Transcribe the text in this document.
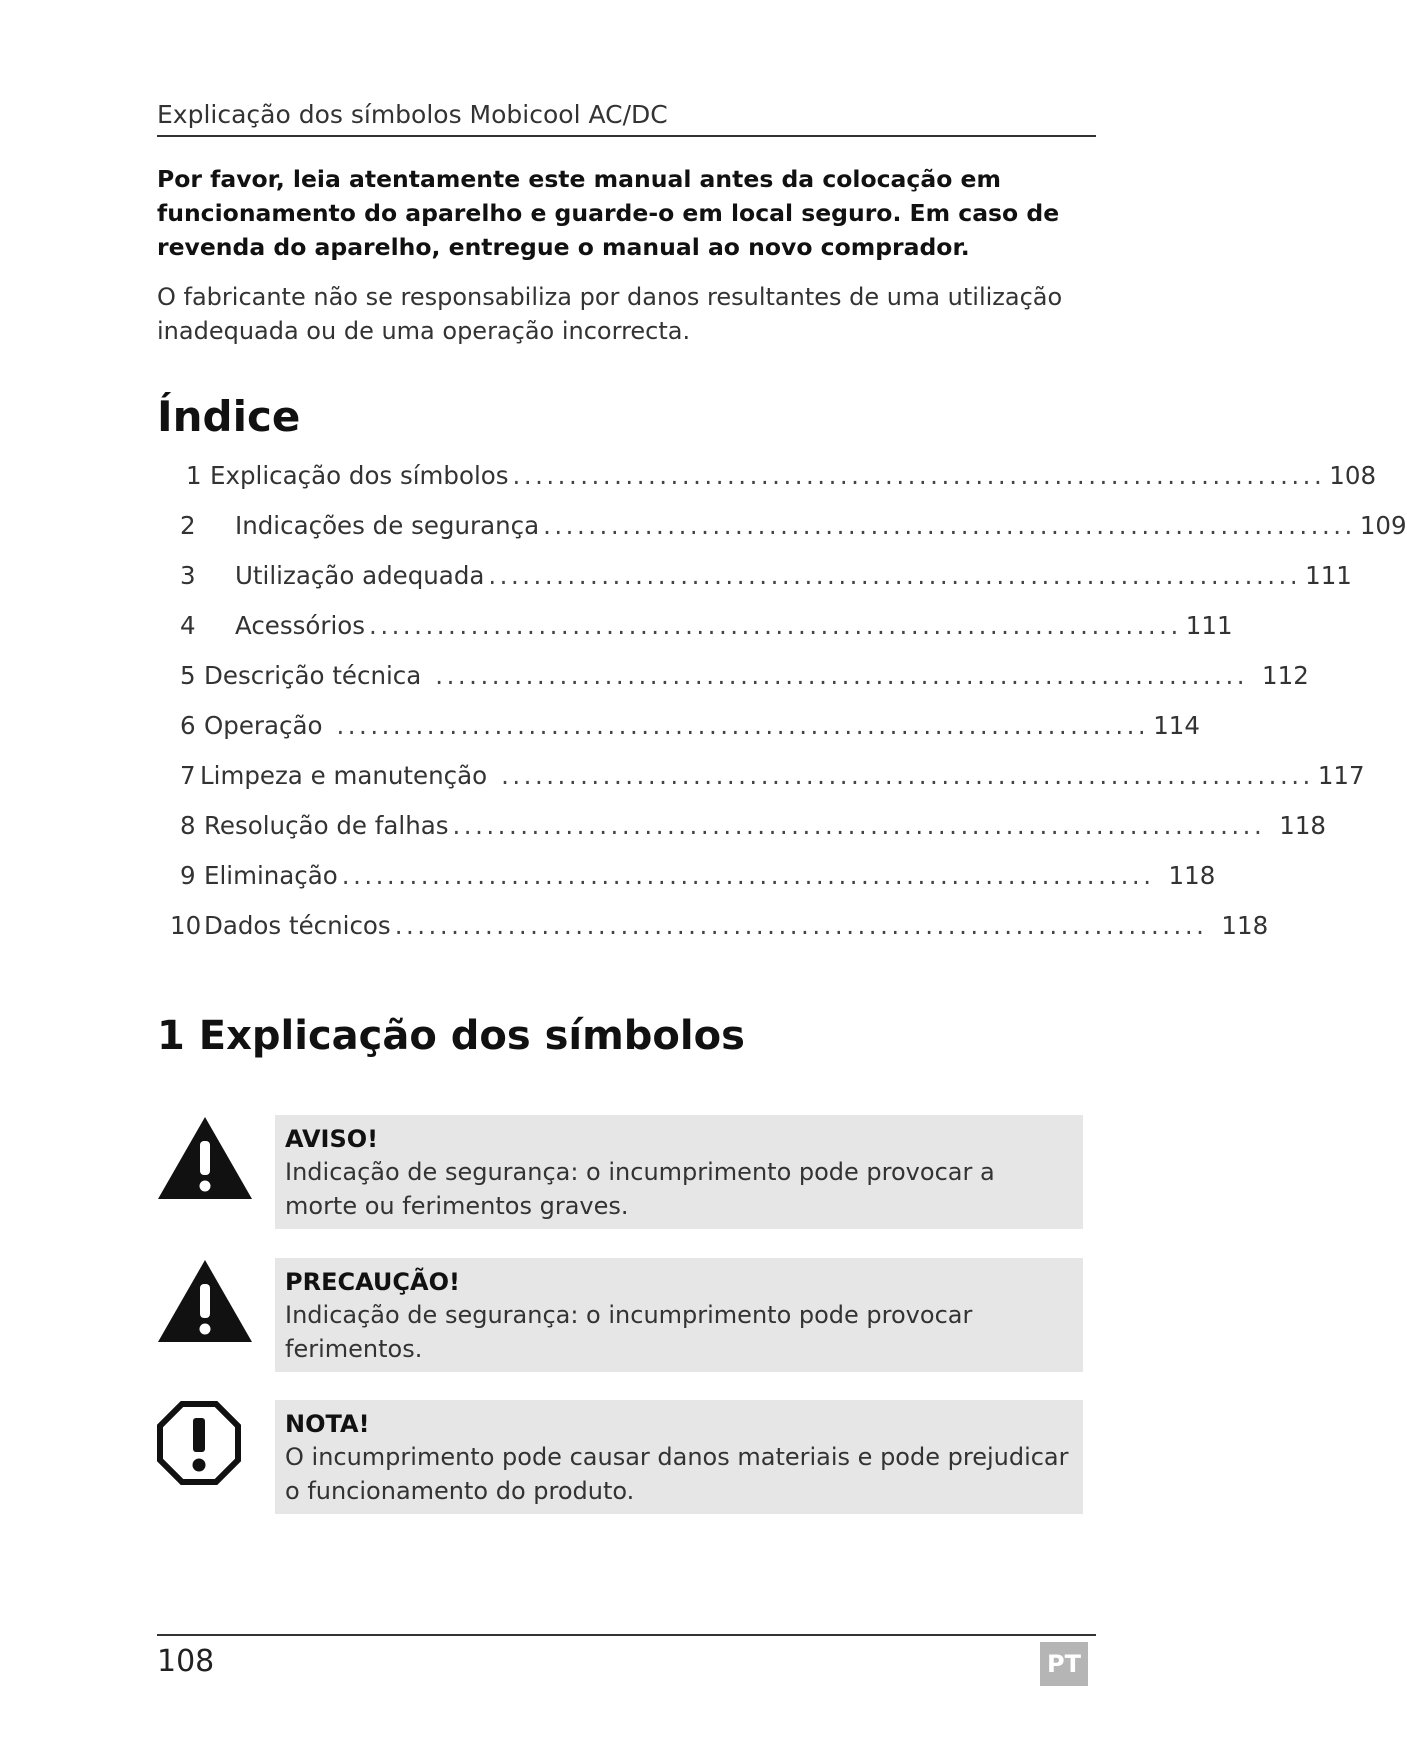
Explicação dos símbolos Mobicool AC/DC
Por favor, leia atentamente este manual antes da colocação em funcionamento do aparelho e guarde-o em local seguro. Em caso de revenda do aparelho, entregue o manual ao novo comprador.
O fabricante não se responsabiliza por danos resultantes de uma utilização inadequada ou de uma operação incorrecta.
Índice
1 Explicação dos símbolos ........................................................................ 108
2	Indicações de segurança ........................................................................ 109
3	Utilização adequada ........................................................................ 111
4	Acessórios ........................................................................ 111
5 Descrição técnica ........................................................................ 112
6 Operação ........................................................................ 114
7 Limpeza e manutenção ........................................................................ 117
8 Resolução de falhas ........................................................................ 118
9 Eliminação ........................................................................ 118
10 Dados técnicos ........................................................................ 118
1 Explicação dos símbolos
AVISO!
Indicação de segurança: o incumprimento pode provocar a morte ou ferimentos graves.
PRECAUÇÃO!
Indicação de segurança: o incumprimento pode provocar ferimentos.
NOTA!
O incumprimento pode causar danos materiais e pode prejudicar o funcionamento do produto.
108	PT
